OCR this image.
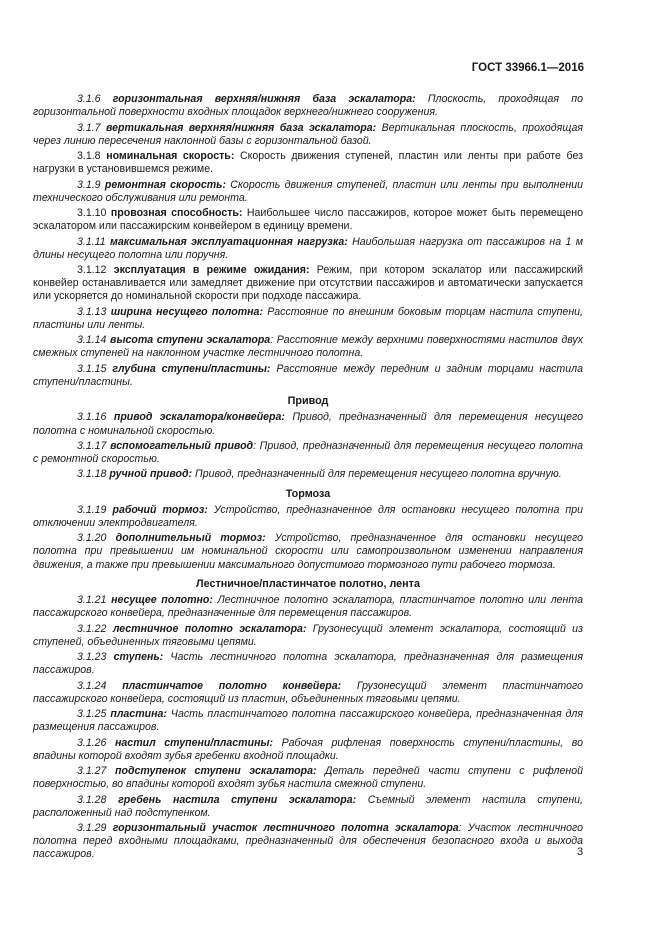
ГОСТ 33966.1—2016

3.1.6 горизонтальная верхняя/нижняя база эскалатора: Плоскость, проходящая по горизонтальной поверхности входных площадок верхнего/нижнего сооружения.

3.1.7 вертикальная верхняя/нижняя база эскалатора: Вертикальная плоскость, проходящая через линию пересечения наклонной базы с горизонтальной базой.

3.1.8 номинальная скорость: Скорость движения ступеней, пластин или ленты при работе без нагрузки в установившемся режиме.

3.1.9 ремонтная скорость: Скорость движения ступеней, пластин или ленты при выполнении технического обслуживания или ремонта.

3.1.10 провозная способность: Наибольшее число пассажиров, которое может быть перемещено эскалатором или пассажирским конвейером в единицу времени.

3.1.11 максимальная эксплуатационная нагрузка: Наибольшая нагрузка от пассажиров на 1 м длины несущего полотна или поручня.

3.1.12 эксплуатация в режиме ожидания: Режим, при котором эскалатор или пассажирский конвейер останавливается или замедляет движение при отсутствии пассажиров и автоматически запускается или ускоряется до номинальной скорости при подходе пассажира.

3.1.13 ширина несущего полотна: Расстояние по внешним боковым торцам настила ступени, пластины или ленты.

3.1.14 высота ступени эскалатора: Расстояние между верхними поверхностями настилов двух смежных ступеней на наклонном участке лестничного полотна.

3.1.15 глубина ступени/пластины: Расстояние между передним и задним торцами настила ступени/пластины.

Привод

3.1.16 привод эскалатора/конвейера: Привод, предназначенный для перемещения несущего полотна с номинальной скоростью.

3.1.17 вспомогательный привод: Привод, предназначенный для перемещения несущего полотна с ремонтной скоростью.

3.1.18 ручной привод: Привод, предназначенный для перемещения несущего полотна вручную.

Тормоза

3.1.19 рабочий тормоз: Устройство, предназначенное для остановки несущего полотна при отключении электродвигателя.

3.1.20 дополнительный тормоз: Устройство, предназначенное для остановки несущего полотна при превышении им номинальной скорости или самопроизвольном изменении направления движения, а также при превышении максимального допустимого тормозного пути рабочего тормоза.

Лестничное/пластинчатое полотно, лента

3.1.21 несущее полотно: Лестничное полотно эскалатора, пластинчатое полотно или лента пассажирского конвейера, предназначенные для перемещения пассажиров.

3.1.22 лестничное полотно эскалатора: Грузонесущий элемент эскалатора, состоящий из ступеней, объединенных тяговыми цепями.

3.1.23 ступень: Часть лестничного полотна эскалатора, предназначенная для размещения пассажиров.

3.1.24 пластинчатое полотно конвейера: Грузонесущий элемент пластинчатого пассажирского конвейера, состоящий из пластин, объединенных тяговыми цепями.

3.1.25 пластина: Часть пластинчатого полотна пассажирского конвейера, предназначенная для размещения пассажиров.

3.1.26 настил ступени/пластины: Рабочая рифленая поверхность ступени/пластины, во впадины которой входят зубья гребенки входной площадки.

3.1.27 подступенок ступени эскалатора: Деталь передней части ступени с рифленой поверхностью, во впадины которой входят зубья настила смежной ступени.

3.1.28 гребень настила ступени эскалатора: Съемный элемент настила ступени, расположенный над подступенком.

3.1.29 горизонтальный участок лестничного полотна эскалатора: Участок лестничного полотна перед входными площадками, предназначенный для обеспечения безопасного входа и выхода пассажиров.	3
